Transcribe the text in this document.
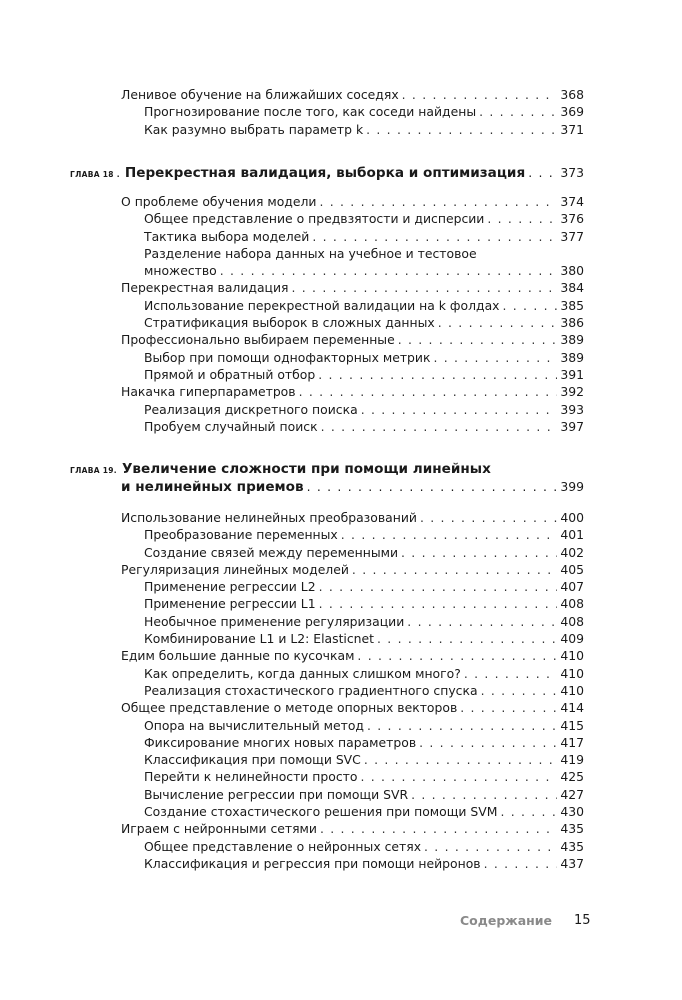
Ленивое обучение на ближайших соседях . . .	368
Прогнозирование после того, как соседи найдены . . .	369
Как разумно выбрать параметр k . . .	371
ГЛАВА 18 . Перекрестная валидация, выборка и оптимизация . . .	373
О проблеме обучения модели . . .	374
Общее представление о предвзятости и дисперсии . . .	376
Тактика выбора моделей . . .	377
Разделение набора данных на учебное и тестовое
множество . . .	380
Перекрестная валидация . . .	384
Использование перекрестной валидации на k фолдах . . .	385
Стратификация выборок в сложных данных . . .	386
Профессионально выбираем переменные . . .	389
Выбор при помощи однофакторных метрик . . .	389
Прямой и обратный отбор . . .	391
Накачка гиперпараметров . . .	392
Реализация дискретного поиска . . .	393
Пробуем случайный поиск . . .	397
ГЛАВА 19. Увеличение сложности при помощи линейных
и нелинейных приемов . . .	399
Использование нелинейных преобразований . . .	400
Преобразование переменных . . .	401
Создание связей между переменными . . .	402
Регуляризация линейных моделей . . .	405
Применение регрессии L2 . . .	407
Применение регрессии L1 . . .	408
Необычное применение регуляризации . . .	408
Комбинирование L1 и L2: Elasticnet . . .	409
Едим большие данные по кусочкам . . .	410
Как определить, когда данных слишком много? . . .	410
Реализация стохастического градиентного спуска . . .	410
Общее представление о методе опорных векторов . . .	414
Опора на вычислительный метод . . .	415
Фиксирование многих новых параметров . . .	417
Классификация при помощи SVC . . .	419
Перейти к нелинейности просто . . .	425
Вычисление регрессии при помощи SVR . . .	427
Создание стохастического решения при помощи SVM . . .	430
Играем с нейронными сетями . . .	435
Общее представление о нейронных сетях . . .	435
Классификация и регрессия при помощи нейронов . . .	437
Содержание 15
